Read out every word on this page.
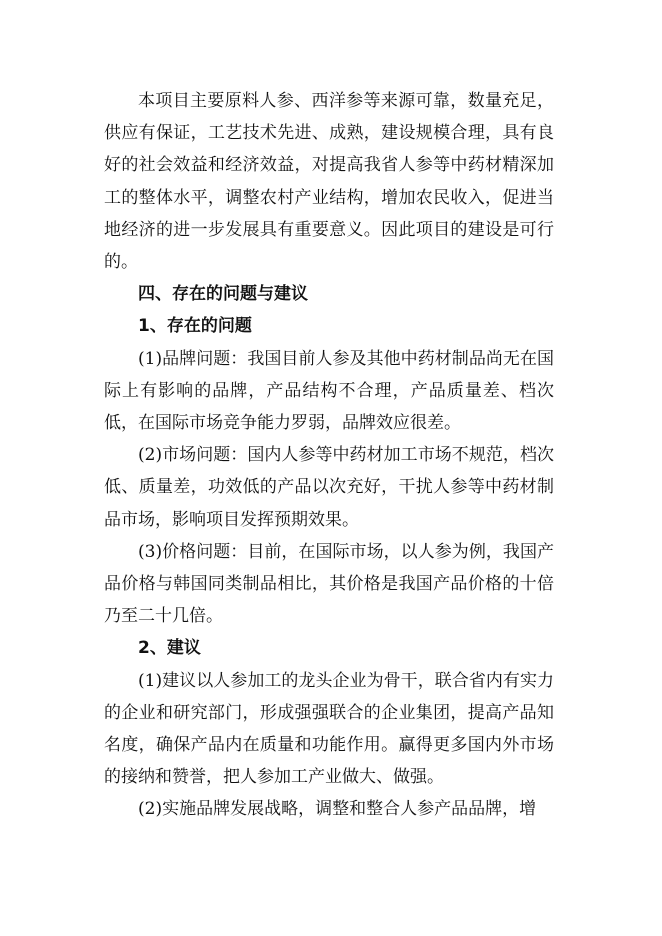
本项目主要原料人参、西洋参等来源可靠，数量充足，供应有保证，工艺技术先进、成熟，建设规模合理，具有良好的社会效益和经济效益，对提高我省人参等中药材精深加工的整体水平，调整农村产业结构，增加农民收入，促进当地经济的进一步发展具有重要意义。因此项目的建设是可行的。

四、存在的问题与建议

1、存在的问题

(1)品牌问题：我国目前人参及其他中药材制品尚无在国际上有影响的品牌，产品结构不合理，产品质量差、档次低，在国际市场竞争能力罗弱，品牌效应很差。

(2)市场问题：国内人参等中药材加工市场不规范，档次低、质量差，功效低的产品以次充好，干扰人参等中药材制品市场，影响项目发挥预期效果。

(3)价格问题：目前，在国际市场，以人参为例，我国产品价格与韩国同类制品相比，其价格是我国产品价格的十倍乃至二十几倍。

2、建议

(1)建议以人参加工的龙头企业为骨干，联合省内有实力的企业和研究部门，形成强强联合的企业集团，提高产品知名度，确保产品内在质量和功能作用。赢得更多国内外市场的接纳和赞誉，把人参加工产业做大、做强。

(2)实施品牌发展战略，调整和整合人参产品品牌，增
